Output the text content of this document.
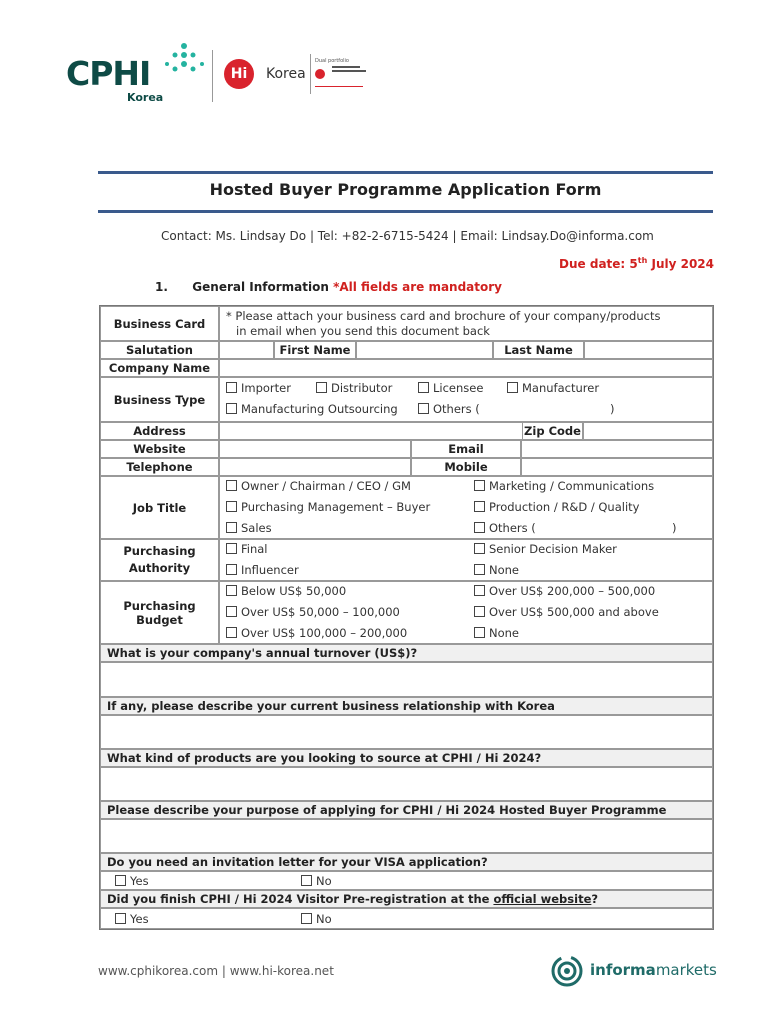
CPHI
Korea
Hi	Korea
Dual portfolio

Hosted Buyer Programme Application Form
Contact: Ms. Lindsay Do | Tel: +82-2-6715-5424 | Email: Lindsay.Do@informa.com
Due date: 5th July 2024
1. General Information *All fields are mandatory
Business Card
* Please attach your business card and brochure of your company/products
in email when you send this document back
Salutation	First Name	Last Name
Company Name
Business Type
Importer	Distributor	Licensee	Manufacturer
Manufacturing Outsourcing	Others (	)
Address	Zip Code
Website	Email
Telephone	Mobile
Job Title
Owner / Chairman / CEO / GM	Marketing / Communications
Purchasing Management – Buyer	Production / R&D / Quality
Sales	Others (	)
Purchasing
Authority
Final	Senior Decision Maker
Influencer	None
Purchasing Budget
Below US$ 50,000	Over US$ 200,000 – 500,000
Over US$ 50,000 – 100,000	Over US$ 500,000 and above
Over US$ 100,000 – 200,000	None
What is your company's annual turnover (US$)?
If any, please describe your current business relationship with Korea
What kind of products are you looking to source at CPHI / Hi 2024?
Please describe your purpose of applying for CPHI / Hi 2024 Hosted Buyer Programme
Do you need an invitation letter for your VISA application?
Yes	No
Did you finish CPHI / Hi 2024 Visitor Pre-registration at the official website ?
Yes	No
www.cphikorea.com | www.hi-korea.net	informamarkets
